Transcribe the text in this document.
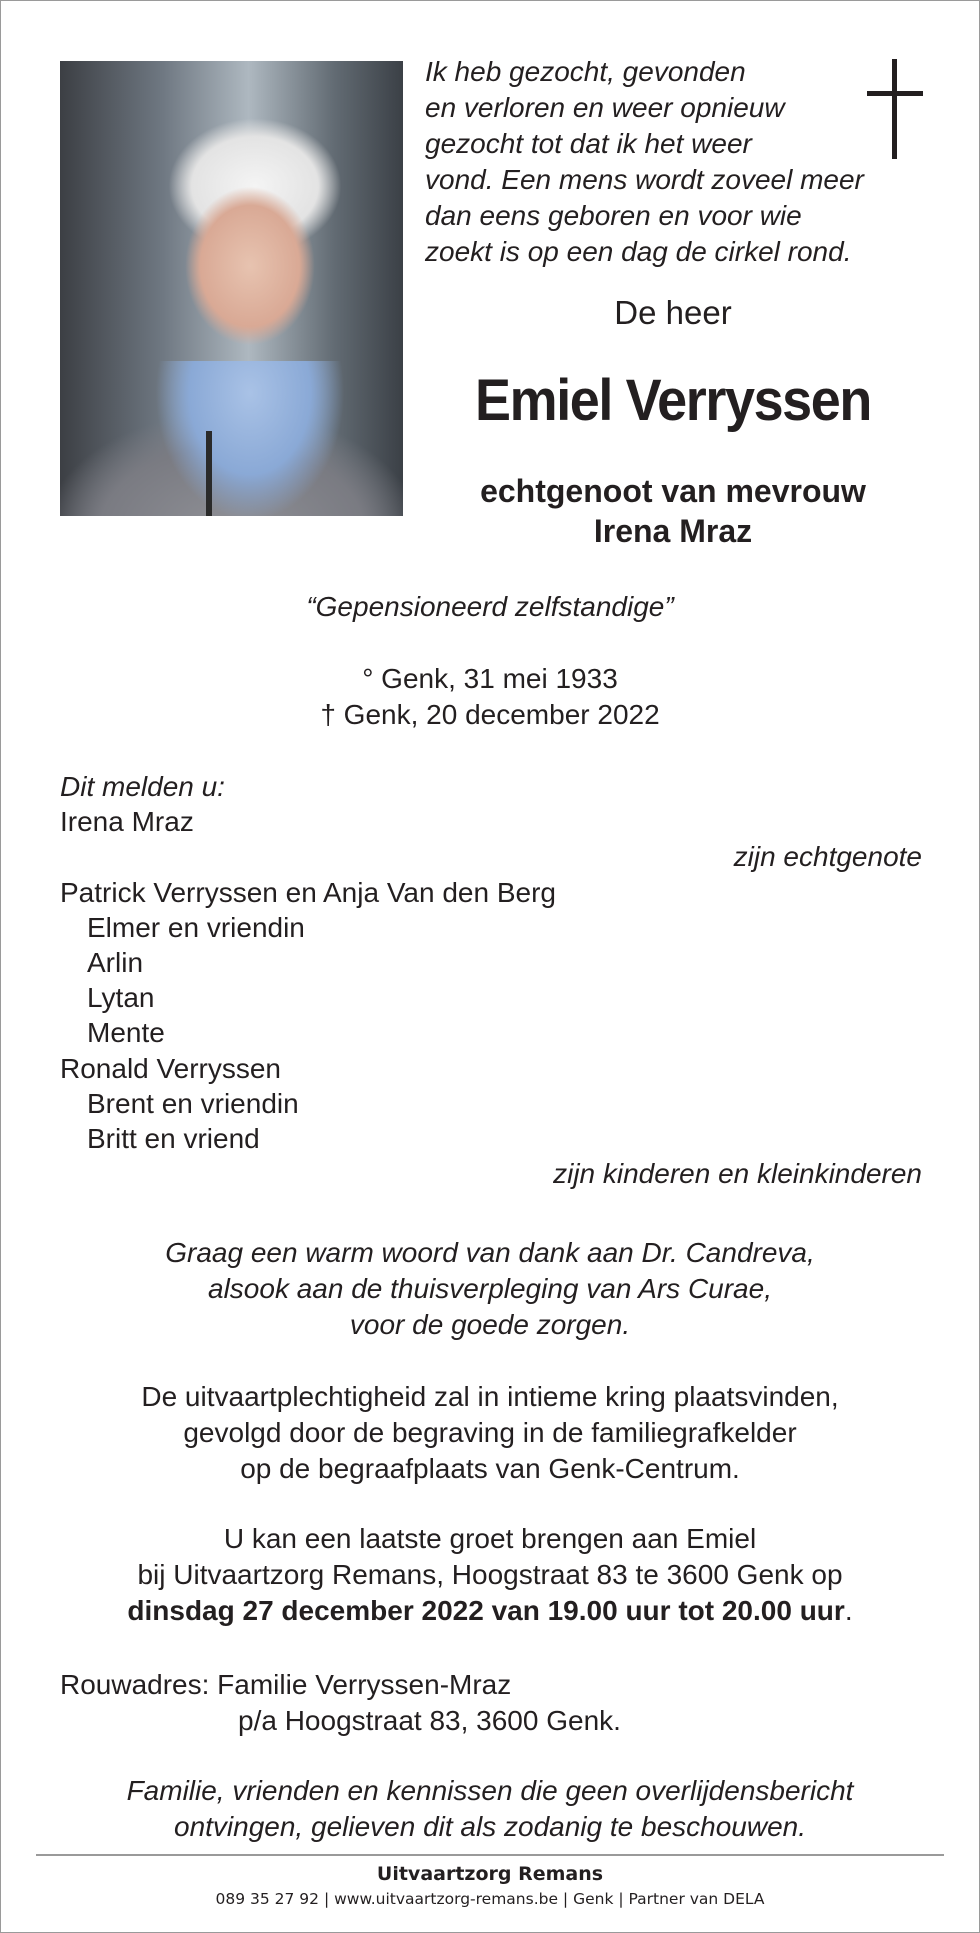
Ik heb gezocht, gevonden
en verloren en weer opnieuw
gezocht tot dat ik het weer
vond. Een mens wordt zoveel meer
dan eens geboren en voor wie
zoekt is op een dag de cirkel rond.
De heer
Emiel Verryssen
echtgenoot van mevrouw
Irena Mraz
“Gepensioneerd zelfstandige”
° Genk, 31 mei 1933
† Genk, 20 december 2022
Dit melden u:
Irena Mraz
zijn echtgenote
Patrick Verryssen en Anja Van den Berg
Elmer en vriendin
Arlin
Lytan
Mente
Ronald Verryssen
Brent en vriendin
Britt en vriend
zijn kinderen en kleinkinderen
Graag een warm woord van dank aan Dr. Candreva,
alsook aan de thuisverpleging van Ars Curae,
voor de goede zorgen.
De uitvaartplechtigheid zal in intieme kring plaatsvinden,
gevolgd door de begraving in de familiegrafkelder
op de begraafplaats van Genk-Centrum.
U kan een laatste groet brengen aan Emiel
bij Uitvaartzorg Remans, Hoogstraat 83 te 3600 Genk op
dinsdag 27 december 2022 van 19.00 uur tot 20.00 uur.
Rouwadres: Familie Verryssen-Mraz
p/a Hoogstraat 83, 3600 Genk.
Familie, vrienden en kennissen die geen overlijdensbericht
ontvingen, gelieven dit als zodanig te beschouwen.
Uitvaartzorg Remans
089 35 27 92 | www.uitvaartzorg-remans.be | Genk | Partner van DELA
